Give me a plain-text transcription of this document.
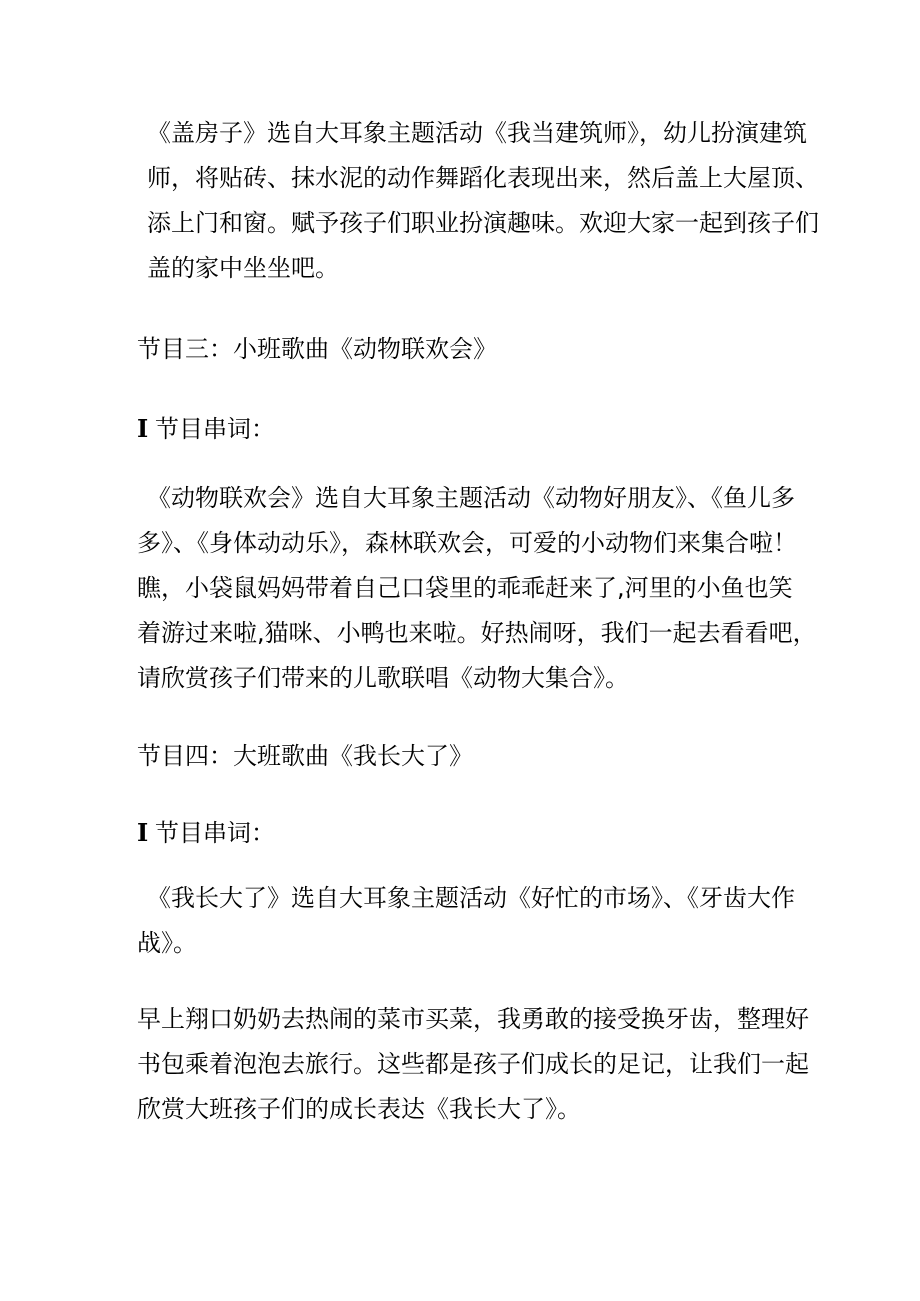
《盖房子》选自大耳象主题活动《我当建筑师》，幼儿扮演建筑
师，将贴砖、抹水泥的动作舞蹈化表现出来，然后盖上大屋顶、
添上门和窗。赋予孩子们职业扮演趣味。欢迎大家一起到孩子们
盖的家中坐坐吧。
节目三：小班歌曲《动物联欢会》
I 节目串词：
《动物联欢会》选自大耳象主题活动《动物好朋友》、《鱼儿多
多》、《身体动动乐》，森林联欢会，可爱的小动物们来集合啦！
瞧，小袋鼠妈妈带着自己口袋里的乖乖赶来了,河里的小鱼也笑
着游过来啦,猫咪、小鸭也来啦。好热闹呀，我们一起去看看吧，
请欣赏孩子们带来的儿歌联唱《动物大集合》。
节目四：大班歌曲《我长大了》
I 节目串词：
《我长大了》选自大耳象主题活动《好忙的市场》、《牙齿大作
战》。
早上翔口奶奶去热闹的菜市买菜，我勇敢的接受换牙齿，整理好
书包乘着泡泡去旅行。这些都是孩子们成长的足记，让我们一起
欣赏大班孩子们的成长表达《我长大了》。
